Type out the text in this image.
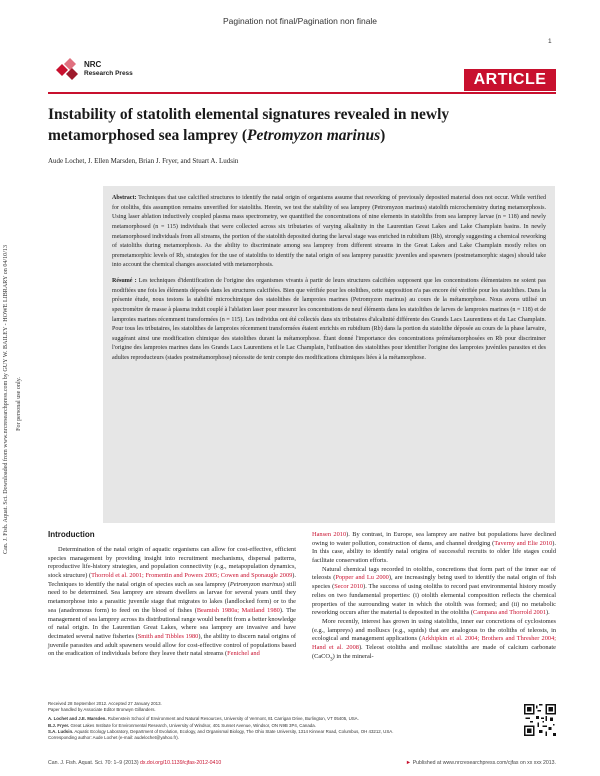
Pagination not final/Pagination non finale
1
NRC
Research Press	ARTICLE
Instability of statolith elemental signatures revealed in newly metamorphosed sea lamprey (Petromyzon marinus)
Aude Lochet, J. Ellen Marsden, Brian J. Fryer, and Stuart A. Ludsin

Abstract: Techniques that use calcified structures to identify the natal origin of organisms assume that reworking of previously deposited material does not occur. While verified for otoliths, this assumption remains unverified for statoliths. Herein, we test the stability of sea lamprey (Petromyzon marinus) statolith microchemistry during metamorphosis. Using laser ablation inductively coupled plasma mass spectrometry, we quantified the concentrations of nine elements in statoliths from sea lamprey larvae (n = 118) and newly metamorphosed (n = 115) individuals that were collected across six tributaries of varying alkalinity in the Laurentian Great Lakes and Lake Champlain basins. In newly metamorphosed individuals from all streams, the portion of the statolith deposited during the larval stage was enriched in rubidium (Rb), strongly suggesting a chemical reworking of statoliths during metamorphosis. As the ability to discriminate among sea lamprey from different streams in the Great Lakes and Lake Champlain mostly relies on premetamorphic levels of Rb, strategies for the use of statoliths to identify the natal origin of sea lamprey parasitic juveniles and spawners (postmetamorphic stages) should take into account the chemical changes associated with metamorphosis.

Résumé : Les techniques d'identification de l'origine des organismes vivants à partir de leurs structures calcifiées supposent que les concentrations élémentaires ne soient pas modifiées une fois les éléments déposés dans les structures calcifiées. Bien que vérifiée pour les otolithes, cette supposition n'a pas encore été vérifiée pour les statolithes. Dans la présente étude, nous testons la stabilité microchimique des statolithes de lamproies marines (Petromyzon marinus) au cours de la métamorphose. Nous avons utilisé un spectromètre de masse à plasma induit couplé à l'ablation laser pour mesurer les concentrations de neuf éléments dans les statolithes de larves de lamproies marines (n = 118) et de lamproies marines récemment transformées (n = 115). Les individus ont été collectés dans six tributaires d'alcalinité différente des Grands Lacs Laurentiens et du Lac Champlain. Pour tous les tributaires, les statolithes de lamproies récemment transformées étaient enrichis en rubidium (Rb) dans la portion du statolithe déposée au cours de la phase larvaire, suggérant ainsi une modification chimique des statolithes durant la métamorphose. Étant donné l'importance des concentrations prémétamorphosées en Rb pour discriminer l'origine des lamproies marines dans les Grands Lacs Laurentiens et le Lac Champlain, l'utilisation des statolithes pour identifier l'origine des lamproies juvéniles parasites et des adultes reproducteurs (stades postmétamorphose) nécessite de tenir compte des modifications chimiques liées à la métamorphose.

Can. J. Fish. Aquat. Sci. Downloaded from www.nrcresearchpress.com by GUY W. BAILEY - HOWE LIBRARY on 04/10/13 For personal use only.
Introduction

Determination of the natal origin of aquatic organisms can allow for cost-effective, efficient species management by providing insight into recruitment mechanisms, dispersal patterns, reproductive life-history strategies, and population connectivity (e.g., metapopulation dynamics, stock structure) (Thorrold et al. 2001; Fromentin and Powers 2005; Cowen and Sponaugle 2009). Techniques to identify the natal origin of species such as sea lamprey (Petromyzon marinus) still need to be determined. Sea lamprey are stream dwellers as larvae for several years until they metamorphose into a parasitic juvenile stage that migrates to lakes (landlocked form) or to the sea (anadromous form) to feed on the blood of fishes (Beamish 1980a; Maitland 1980). The management of sea lamprey across its distributional range would benefit from a better knowledge of natal origin. In the Laurentian Great Lakes, where sea lamprey are invasive and have decimated several native fisheries (Smith and Tibbles 1980), the ability to discern natal origins of juvenile parasites and adult spawners would allow for cost-effective control of populations based on the eradication of individuals before they leave their natal streams (Fenichel and

Hansen 2010). By contrast, in Europe, sea lamprey are native but populations have declined owing to water pollution, construction of dams, and channel dredging (Taverny and Elie 2010). In this case, ability to identify natal origins of successful recruits to older life stages could facilitate conservation efforts.

Natural chemical tags recorded in otoliths, concretions that form part of the inner ear of teleosts (Popper and Lu 2000), are increasingly being used to identify the natal origin of fish species (Secor 2010). The success of using otoliths to record past environmental history mostly relies on two fundamental properties: (i) otolith elemental composition reflects the chemical properties of the surrounding water in which the otolith was formed; and (ii) no metabolic reworking occurs after the material is deposited in the otoliths (Campana and Thorrold 2001).

More recently, interest has grown in using statoliths, inner ear concretions of cyclostomes (e.g., lampreys) and molluscs (e.g., squids) that are analogous to the otoliths of teleosts, in ecological and management applications (Arkhipkin et al. 2004; Brothers and Thresher 2004; Hand et al. 2008). Teleost otoliths and mollusc statoliths are made of calcium carbonate (CaCO$_3$) in the mineral-

Received 28 September 2012. Accepted 27 January 2013.
Paper handled by Associate Editor Bronwyn Gillanders.
A. Lochet and J.E. Marsden. Rubenstein School of Environment and Natural Resources, University of Vermont, 81 Carrigan Drive, Burlington, VT 05405, USA.
B.J. Fryer. Great Lakes Institute for Environmental Research, University of Windsor, 401 Sunset Avenue, Windsor, ON N9B 3P4, Canada.
S.A. Ludsin. Aquatic Ecology Laboratory, Department of Evolution, Ecology, and Organismal Biology, The Ohio State University, 1314 Kinnear Road, Columbus, OH 43212, USA.
Corresponding author: Aude Lochet (e-mail: audelochet@yahoo.fr).
Can. J. Fish. Aquat. Sci. 70: 1–9 (2013) dx.doi.org/10.1139/cjfas-2012-0410	► Published at www.nrcresearchpress.com/cjfas on xx xxx 2013.
